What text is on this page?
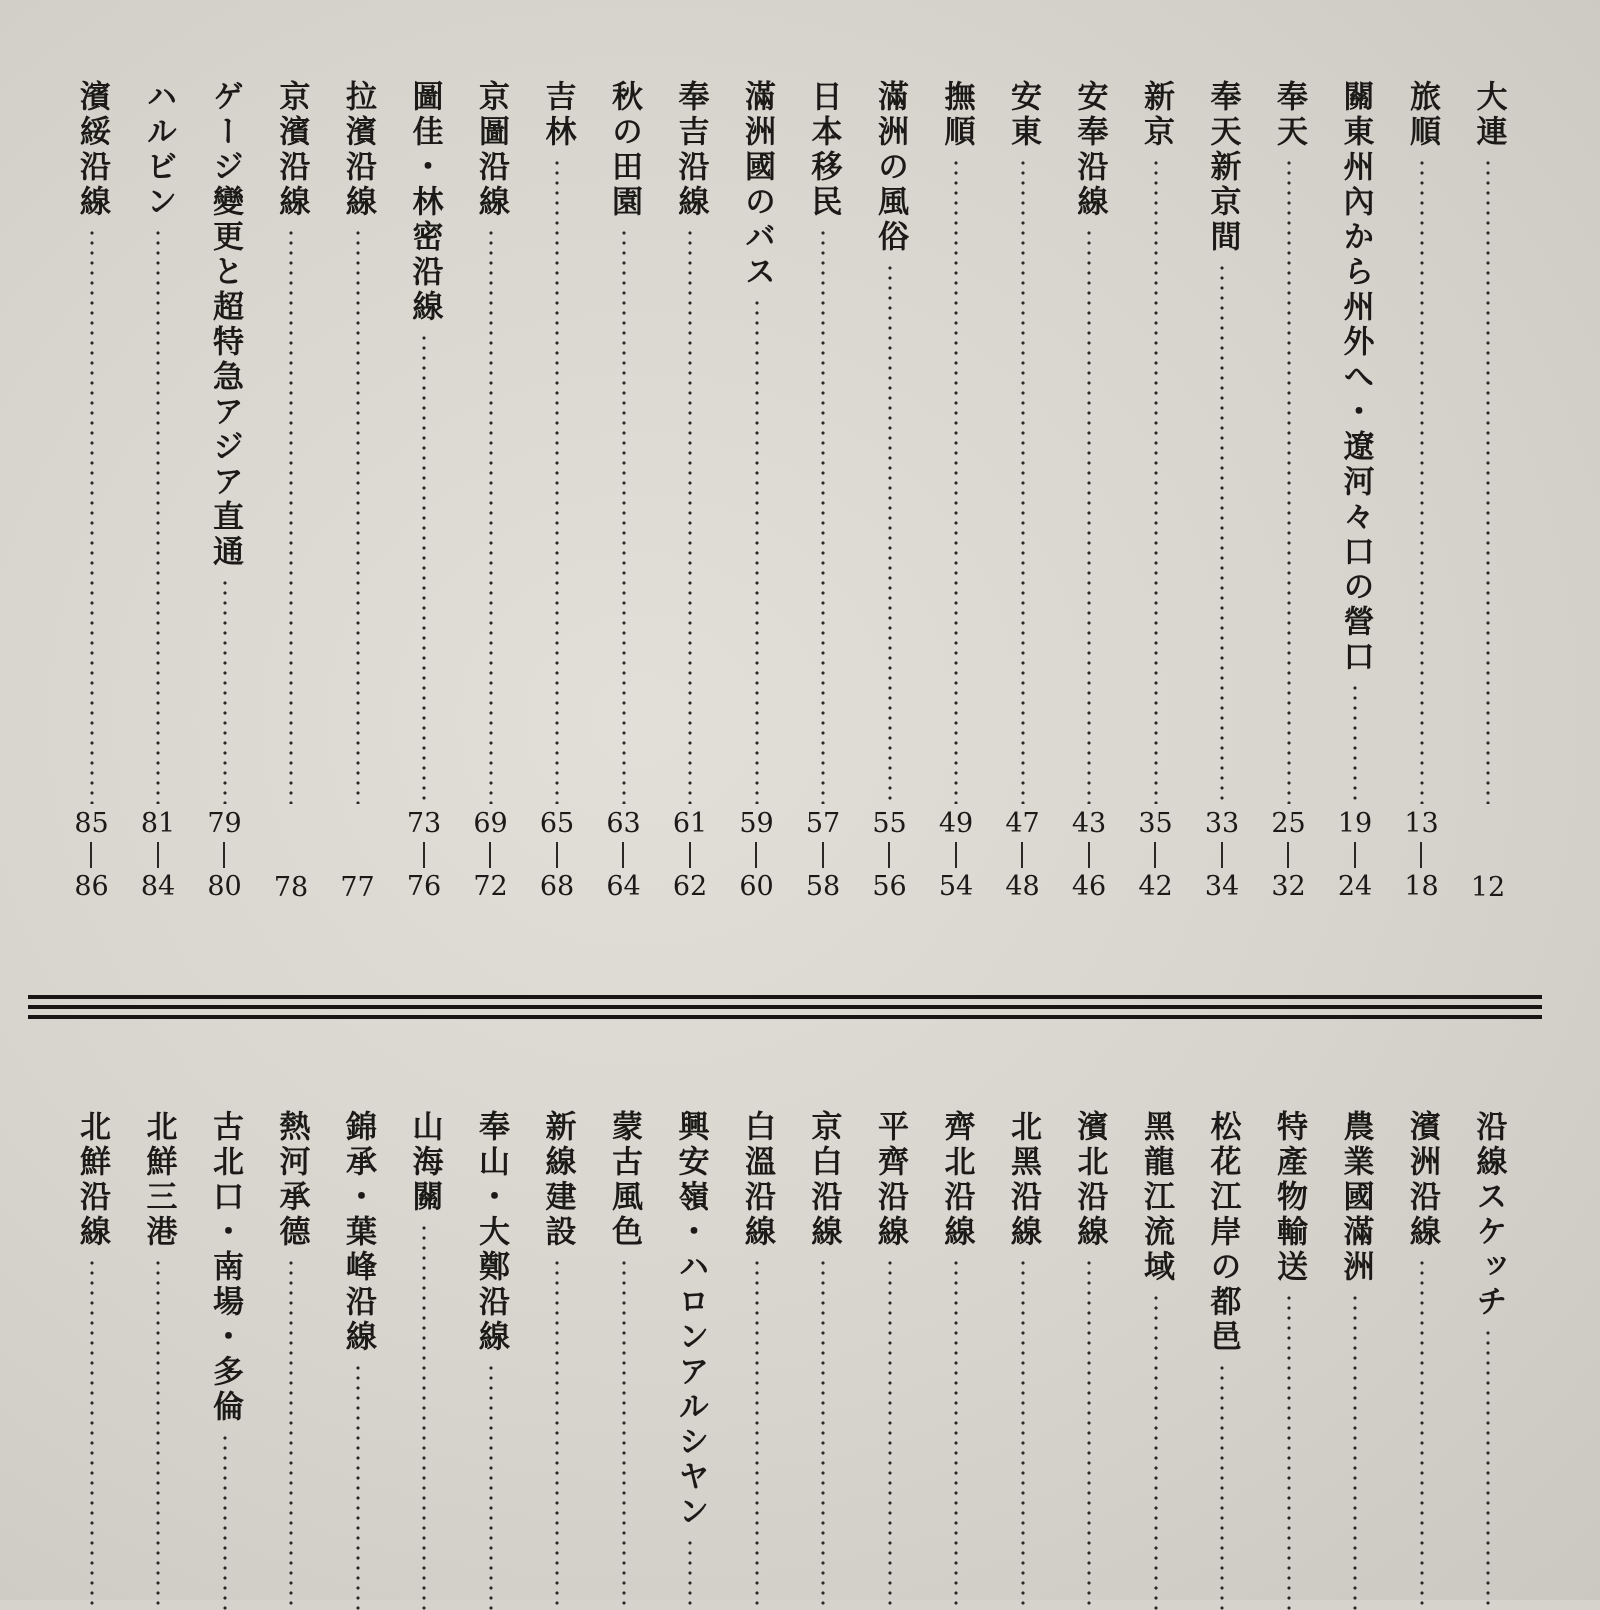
大連
12
旅順
13
18
關東州內から州外へ・遼河々口の營口
19
24
奉天
25
32
奉天新京間
33
34
新京
35
42
安奉沿線
43
46
安東
47
48
撫順
49
54
滿洲の風俗
55
56
日本移民
57
58
滿洲國のバス
59
60
奉吉沿線
61
62
秋の田園
63
64
吉林
65
68
京圖沿線
69
72
圖佳・林密沿線
73
76
拉濱沿線
77
京濱沿線
78
ゲージ變更と超特急アジア直通
79
80
ハルビン
81
84
濱綏沿線
85
86
沿線スケッチ
濱洲沿線
農業國滿洲
特產物輸送
松花江岸の都邑
黑龍江流域
濱北沿線
北黑沿線
齊北沿線
平齊沿線
京白沿線
白溫沿線
興安嶺・ハロンアルシヤン
蒙古風色
新線建設
奉山・大鄭沿線
山海關
錦承・葉峰沿線
熱河承德
古北口・南場・多倫
北鮮三港
北鮮沿線
